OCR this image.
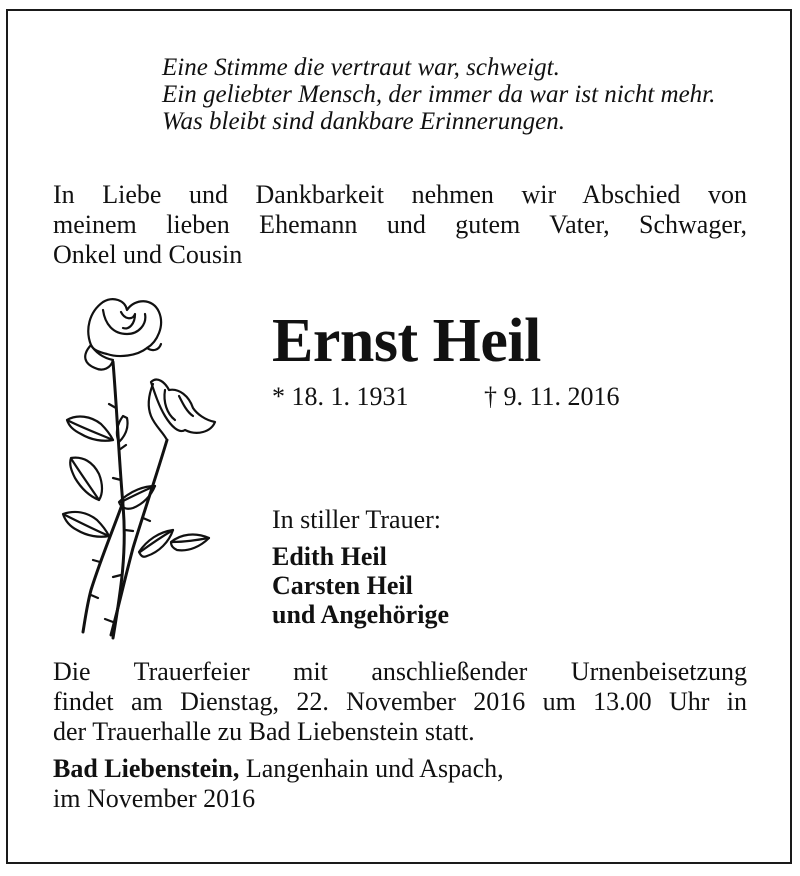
Eine Stimme die vertraut war, schweigt.
Ein geliebter Mensch, der immer da war ist nicht mehr.
Was bleibt sind dankbare Erinnerungen.
In Liebe und Dankbarkeit nehmen wir Abschied von
meinem lieben Ehemann und gutem Vater, Schwager,
Onkel und Cousin
Ernst Heil
* 18. 1. 1931	† 9. 11. 2016
In stiller Trauer:
Edith Heil
Carsten Heil
und Angehörige
Die Trauerfeier mit anschließender Urnenbeisetzung
findet am Dienstag, 22. November 2016 um 13.00 Uhr in
der Trauerhalle zu Bad Liebenstein statt.
Bad Liebenstein, Langenhain und Aspach,
im November 2016
